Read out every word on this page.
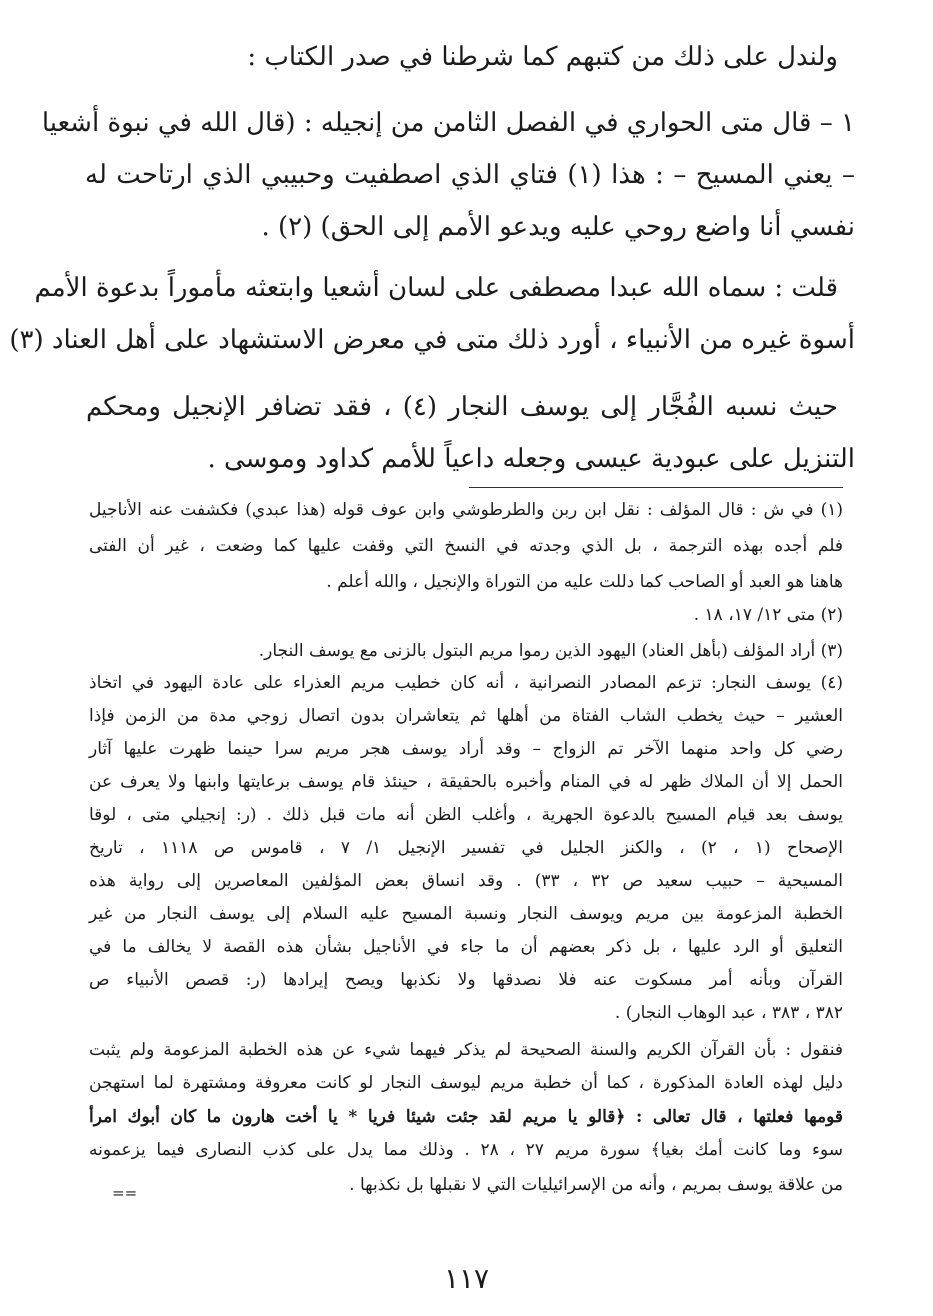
ولندل على ذلك من كتبهم كما شرطنا في صدر الكتاب :
١ – قال متى الحواري في الفصل الثامن من إنجيله : (قال الله في نبوة أشعيا
– يعني المسيح – : هذا (١) فتاي الذي اصطفيت وحبيبي الذي ارتاحت له
نفسي أنا واضع روحي عليه ويدعو الأمم إلى الحق) (٢) .
قلت : سماه الله عبدا مصطفى على لسان أشعيا وابتعثه مأموراً بدعوة الأمم
أسوة غيره من الأنبياء ، أورد ذلك متى في معرض الاستشهاد على أهل العناد (٣)
حيث نسبه الفُجَّار إلى يوسف النجار (٤) ، فقد تضافر الإنجيل ومحكم
التنزيل على عبودية عيسى وجعله داعياً للأمم كداود وموسى .
(١) في ش : قال المؤلف : نقل ابن ربن والطرطوشي وابن عوف قوله (هذا عبدي) فكشفت عنه الأناجيل
فلم أجده بهذه الترجمة ، بل الذي وجدته في النسخ التي وقفت عليها كما وضعت ، غير أن الفتى
هاهنا هو العبد أو الصاحب كما دللت عليه من التوراة والإنجيل ، والله أعلم .
(٢) متى ١٢/ ١٧، ١٨ .
(٣) أراد المؤلف (بأهل العناد) اليهود الذين رموا مريم البتول بالزنى مع يوسف النجار.
(٤) يوسف النجار: تزعم المصادر النصرانية ، أنه كان خطيب مريم العذراء على عادة اليهود في اتخاذ
العشير – حيث يخطب الشاب الفتاة من أهلها ثم يتعاشران بدون اتصال زوجي مدة من الزمن فإذا
رضي كل واحد منهما الآخر تم الزواج – وقد أراد يوسف هجر مريم سرا حينما ظهرت عليها آثار
الحمل إلا أن الملاك ظهر له في المنام وأخبره بالحقيقة ، حينئذ قام يوسف برعايتها وابنها ولا يعرف عن
يوسف بعد قيام المسيح بالدعوة الجهرية ، وأغلب الظن أنه مات قبل ذلك . (ر: إنجيلي متى ، لوقا
الإصحاح (١ ، ٢) ، والكنز الجليل في تفسير الإنجيل ١/ ٧ ، قاموس ص ١١١٨ ، تاريخ
المسيحية – حبيب سعيد ص ٣٢ ، ٣٣) . وقد انساق بعض المؤلفين المعاصرين إلى رواية هذه
الخطبة المزعومة بين مريم ويوسف النجار ونسبة المسيح عليه السلام إلى يوسف النجار من غير
التعليق أو الرد عليها ، بل ذكر بعضهم أن ما جاء في الأناجيل بشأن هذه القصة لا يخالف ما في
القرآن وبأنه أمر مسكوت عنه فلا نصدقها ولا نكذبها ويصح إيرادها (ر: قصص الأنبياء ص
٣٨٢ ، ٣٨٣ ، عبد الوهاب النجار) .
فنقول : بأن القرآن الكريم والسنة الصحيحة لم يذكر فيهما شيء عن هذه الخطبة المزعومة ولم يثبت
دليل لهذه العادة المذكورة ، كما أن خطبة مريم ليوسف النجار لو كانت معروفة ومشتهرة لما استهجن
قومها فعلتها ، قال تعالى : ﴿قالو يا مريم لقد جئت شيئا فريا * يا أخت هارون ما كان أبوك امرأ
سوء وما كانت أمك بغيا﴾ سورة مريم ٢٧ ، ٢٨ . وذلك مما يدل على كذب النصارى فيما يزعمونه
من علاقة يوسف بمريم ، وأنه من الإسرائيليات التي لا نقبلها بل نكذبها .
==
١١٧
